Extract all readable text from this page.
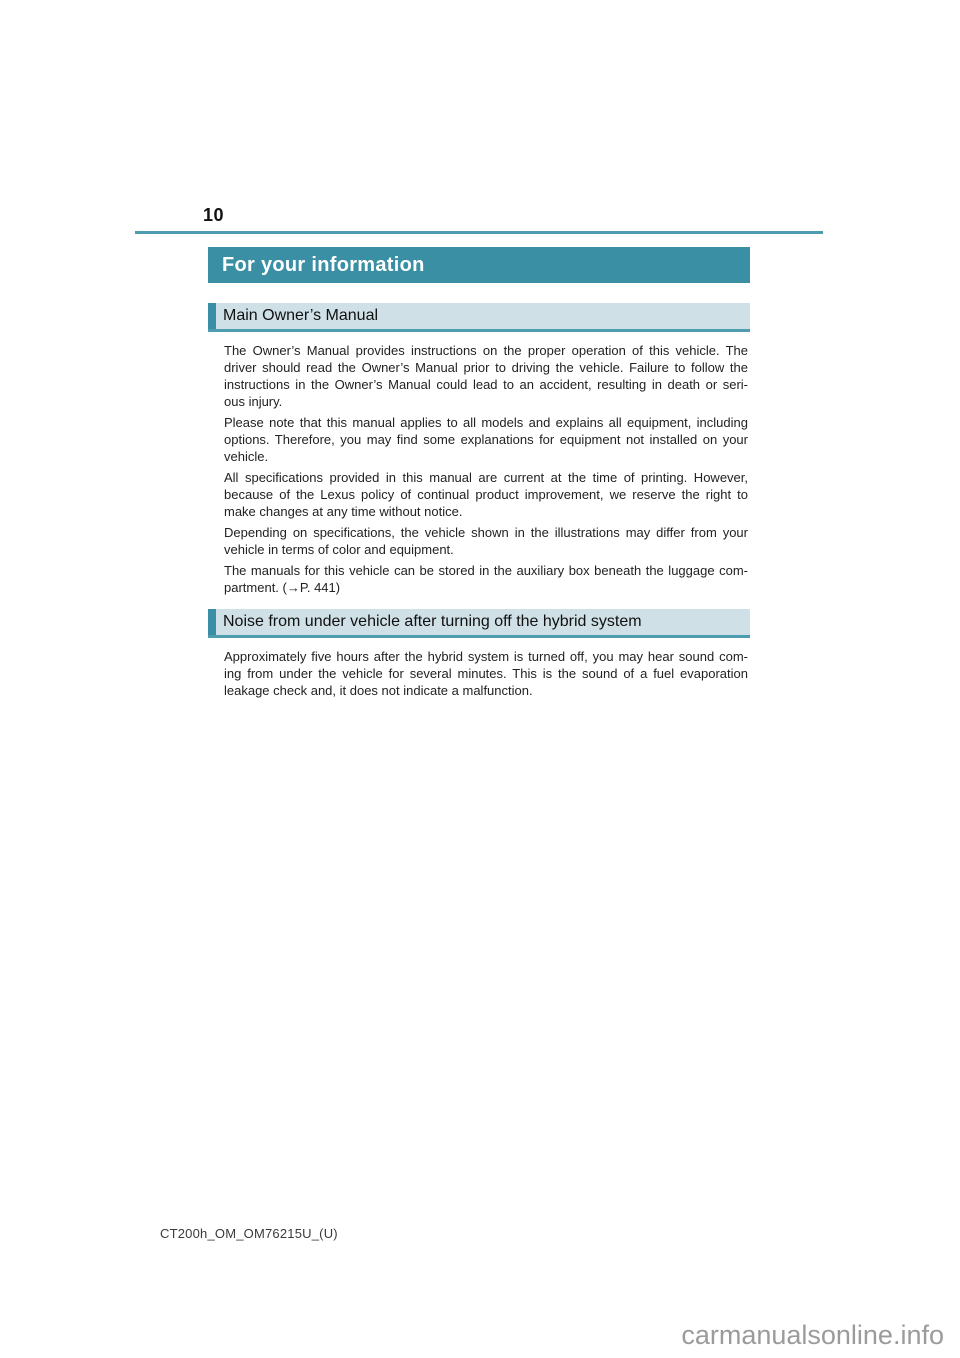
10
For your information
Main Owner’s Manual
The Owner’s Manual provides instructions on the proper operation of this vehicle. The
driver should read the Owner’s Manual prior to driving the vehicle. Failure to follow the
instructions in the Owner’s Manual could lead to an accident, resulting in death or seri-
ous injury.
Please note that this manual applies to all models and explains all equipment, including
options. Therefore, you may find some explanations for equipment not installed on your
vehicle.
All specifications provided in this manual are current at the time of printing. However,
because of the Lexus policy of continual product improvement, we reserve the right to
make changes at any time without notice.
Depending on specifications, the vehicle shown in the illustrations may differ from your
vehicle in terms of color and equipment.
The manuals for this vehicle can be stored in the auxiliary box beneath the luggage com-
partment. (→P. 441)
Noise from under vehicle after turning off the hybrid system
Approximately five hours after the hybrid system is turned off, you may hear sound com-
ing from under the vehicle for several minutes. This is the sound of a fuel evaporation
leakage check and, it does not indicate a malfunction.
CT200h_OM_OM76215U_(U)
carmanualsonline.info
